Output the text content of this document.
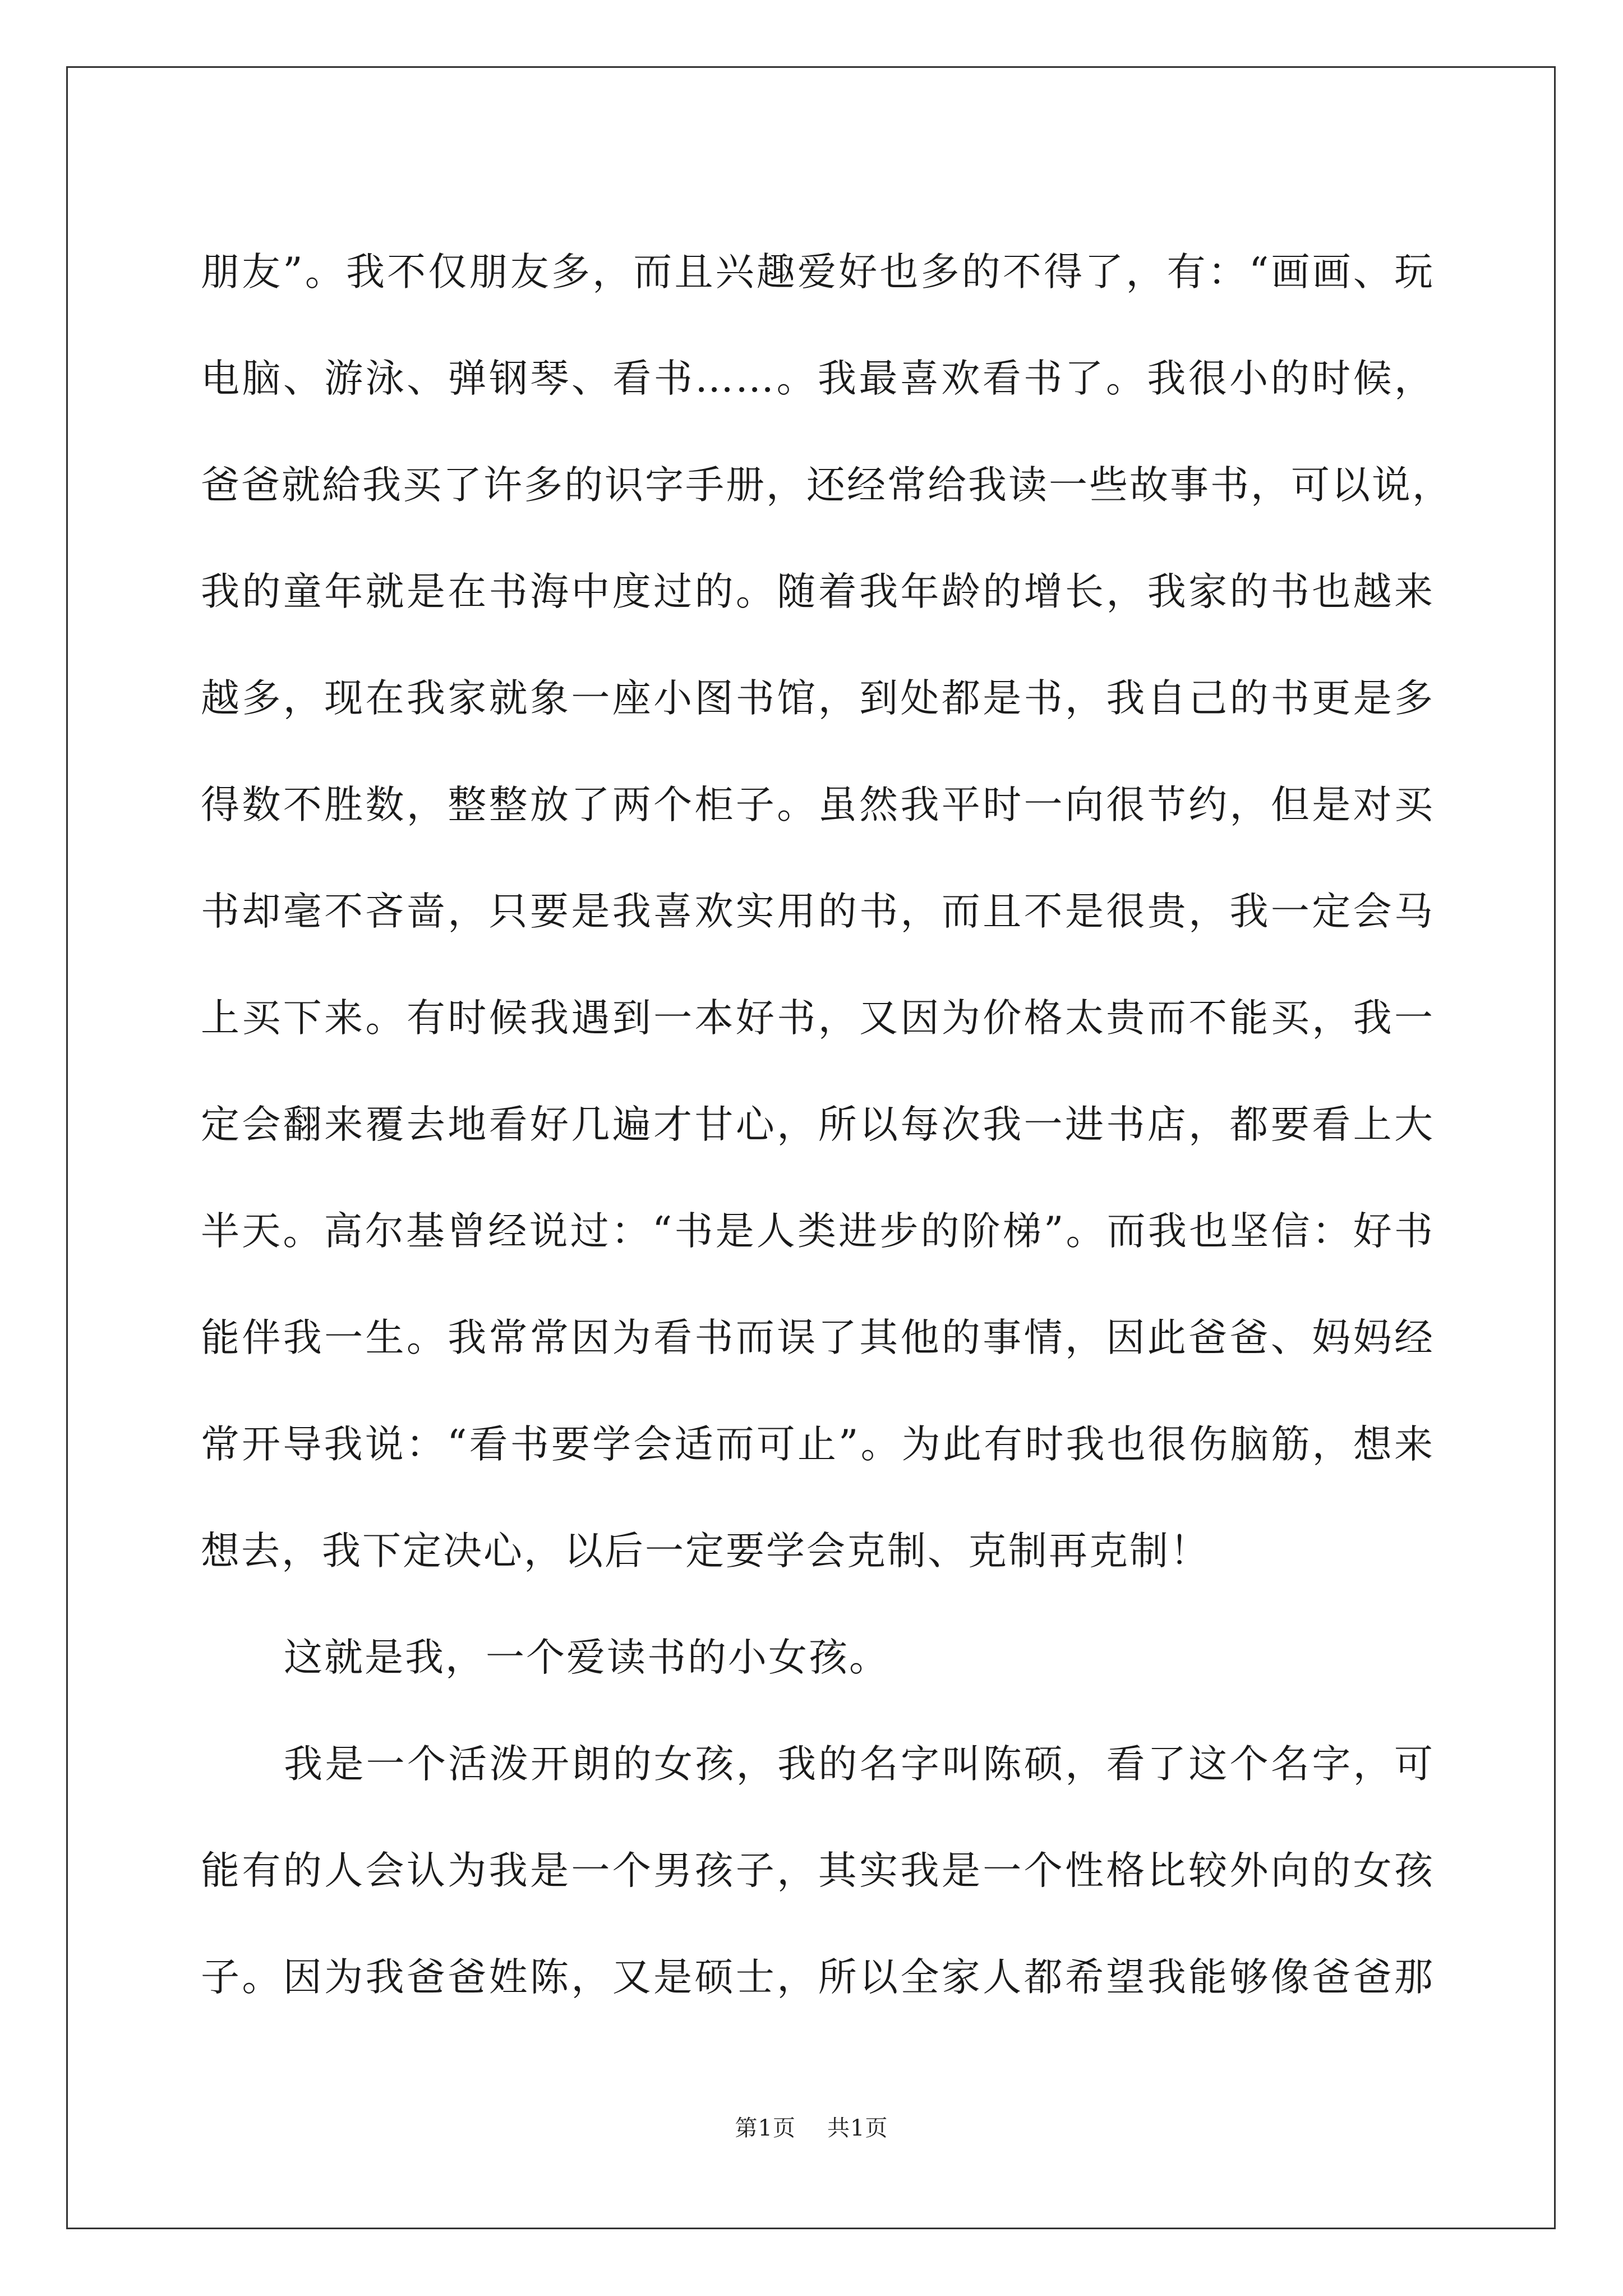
朋友”。我不仅朋友多，而且兴趣爱好也多的不得了，有：“画画、玩
电脑、游泳、弹钢琴、看书……。我最喜欢看书了。我很小的时候，
爸爸就給我买了许多的识字手册，还经常给我读一些故事书，可以说，
我的童年就是在书海中度过的。随着我年龄的增长，我家的书也越来
越多，现在我家就象一座小图书馆，到处都是书，我自己的书更是多
得数不胜数，整整放了两个柜子。虽然我平时一向很节约，但是对买
书却毫不吝啬，只要是我喜欢实用的书，而且不是很贵，我一定会马
上买下来。有时候我遇到一本好书，又因为价格太贵而不能买，我一
定会翻来覆去地看好几遍才甘心，所以每次我一进书店，都要看上大
半天。高尔基曾经说过：“书是人类进步的阶梯”。而我也坚信：好书
能伴我一生。我常常因为看书而误了其他的事情，因此爸爸、妈妈经
常开导我说：“看书要学会适而可止”。为此有时我也很伤脑筋，想来
想去，我下定决心，以后一定要学会克制、克制再克制！
这就是我，一个爱读书的小女孩。
我是一个活泼开朗的女孩，我的名字叫陈硕，看了这个名字，可
能有的人会认为我是一个男孩子，其实我是一个性格比较外向的女孩
子。因为我爸爸姓陈，又是硕士，所以全家人都希望我能够像爸爸那
第1页 共1页
